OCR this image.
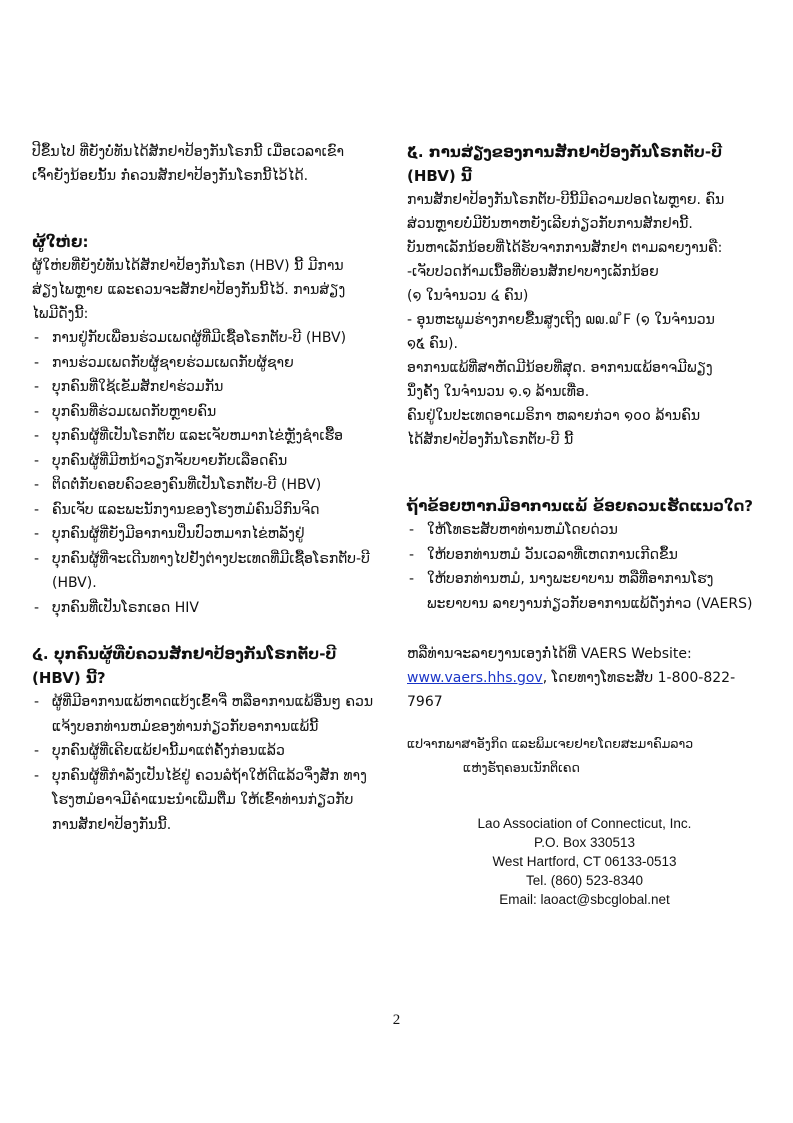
ປີຂຶ້ນໄປ ທີ່ຍັງບໍ່ທັນໄດ້ສັກຢາປ້ອງກັນໂຣກນີ້ ເມື່ອເວລາເຂົາ

ເຈົ້າຍັງນ້ອຍນັ້ນ ກໍ່ຄວນສັກຢາປ້ອງກັນໂຣກນີ້ໄວ້ໄດ້.

ຜູ້ໃຫ່ຍ:

ຜູ້ໃຫ່ຍທີ່ຍັງບໍ່ທັນໄດ້ສັກຢາປ້ອງກັນໂຣກ (HBV) ນີ້ ມີການ

ສ່ຽງໄພຫຼາຍ ແລະຄວນຈະສັກຢາປ້ອງກັນນີ້ໄວ້. ການສ່ຽງ

ໄພມີດັ່ງນີ້:

- ການຢູ່ກັບເພື່ອນຮ່ວມເພດຜູ້ທີ່ມີເຊື້ອໂຣກຕັບ-ບີ (HBV)
- ການຮ່ວມເພດກັບຜູ້ຊາຍຮ່ວມເພດກັບຜູ້ຊາຍ
- ບຸກຄົນທີ່ໃຊ້ເຂັມສັກຢາຮ່ວມກັນ
- ບຸກຄົນທີ່ຮ່ວມເພດກັບຫຼາຍຄົນ
- ບຸກຄົນຜູ້ທີ່ເປັນໂຣກຕັບ ແລະເຈັບຫມາກໄຂ່ຫຼັງຊຳເຮື້ອ
- ບຸກຄົນຜູ້ທີ່ມີຫນ້າວຽກຈັບບາຍກັບເລືອດຄົນ
- ຕິດຕໍ່ກັບຄອບຄົວຂອງຄົນທີ່ເປັນໂຣກຕັບ-ບີ (HBV)
- ຄົນເຈັບ ແລະພະນັກງານຂອງໂຮງຫມໍຄົນວິກົນຈິດ
- ບຸກຄົນຜູ້ທີ່ຍັງມີອາການປິ່ນປົວຫມາກໄຂ່ຫລັງຢູ່
- ບຸກຄົນຜູ້ທີ່ຈະເດີນທາງໄປຢັງຕ່າງປະເທດທີ່ມີເຊື້ອໂຣກຕັບ-ບີ (HBV).
- ບຸກຄົນທີ່ເປັນໂຣກເອດ HIV
໔. ບຸກຄົນຜູ້ທີ່ບໍ່ຄວນສັກຢາປ້ອງກັນໂຣກຕັບ-ບີ (HBV) ນີ້?
- ຜູ້ທີ່ມີອາການແພ້ຫາດແບ້ງເຂົ້າຈີ່ ຫລືອາການແພ້ອື່ນໆ ຄວນແຈ້ງບອກທ່ານຫມໍຂອງທ່ານກ່ຽວກັບອາການແພ້ນີ້
- ບຸກຄົນຜູ້ທີ່ເຄີຍແພ້ຢານີ້ມາແຕ່ຄັ້ງກ່ອນແລ້ວ
- ບຸກຄົນຜູ້ທີ່ກຳລັງເປັນໄຂ້ຢູ່ ຄວນລໍຖ້າໃຫ້ດີແລ້ວຈຶ່ງສັກ ທາງໂຮງຫມໍອາຈມີຄຳແນະນຳເພີ່ມຕື່ມ ໃຫ້ເຂົ້າທ່ານກ່ຽວກັບການສັກຢາປ້ອງກັນນີ້.
໕. ການສ່ຽງຂອງການສັກຢາປ້ອງກັນໂຣກຕັບ-ບີ (HBV) ນີ້

ການສັກຢາປ້ອງກັນໂຣກຕັບ-ບີນີ້ມີຄວາມປອດໄພຫຼາຍ. ຄົນ

ສ່ວນຫຼາຍບໍ່ມີບັນຫາຫຍັງເລີຍກ່ຽວກັບການສັກຢານີ້.

ບັນຫາເລັກນ້ອຍທີ່ໄດ້ຮັບຈາກການສັກຢາ ຕາມລາຍງານຄື:

-ເຈັບປວດກ້າມເນື້ອທີ່ບ່ອນສັກຢາບາງເລັກນ້ອຍ

(໑ ໃນຈຳນວນ ໔ ຄົນ)

- ອຸນຫະພູມຮ່າງກາຍຂື້ນສູງເຖິງ ໙໙.໙ ̊F (໑ ໃນຈຳນວນ

໑໕ ຄົນ).

ອາການແພ້ທີ່ສາຫັດມີນ້ອຍທີ່ສຸດ. ອາການແພ້ອາຈມີພຽງ

ນຶ່ງຄັ້ງ ໃນຈຳນວນ ໑.໑ ລ້ານເທື່ອ.

ຄົນຢູ່ໃນປະເທດອາເມຣິກາ ຫລາຍກ່ວາ ໑໐໐ ລ້ານຄົນ

ໄດ້ສັກຢາປ້ອງກັນໂຣກຕັບ-ບີ ນີ້

ຖ້າຂ້ອຍຫາກມີອາການແພ້ ຂ້ອຍຄວນເຮັດແນວໃດ?
- ໃຫ້ໂທຣະສັບຫາທ່ານຫມໍໂດຍດ່ວນ
- ໃຫ້ບອກທ່ານຫມໍ ວັນເວລາທີ່ເຫດການເກີດຂຶ້ນ
- ໃຫ້ບອກທ່ານຫມໍ, ນາງພະຍາບານ ຫລືທີ່ອາການໂຮງພະຍາບານ ລາຍງານກ່ຽວກັບອາການແພ້ດັ່ງກ່າວ (VAERS)

ຫລືທ່ານຈະລາຍງານເອງກໍ່ໄດ້ທີ່ VAERS Website:

www.vaers.hhs.gov, ໂດຍທາງໂທຣະສັບ 1-800-822-7967

ແປຈາກພາສາອັງກິດ ແລະພິມເຈຍຢາຍໂດຍສະມາຄົມລາວ

ແຫ່ງຣັຖຄອນເນັກຕິເຄດ

Lao Association of Connecticut, Inc.
P.O. Box 330513
West Hartford, CT 06133-0513
Tel. (860) 523-8340
Email: laoact@sbcglobal.net
2
